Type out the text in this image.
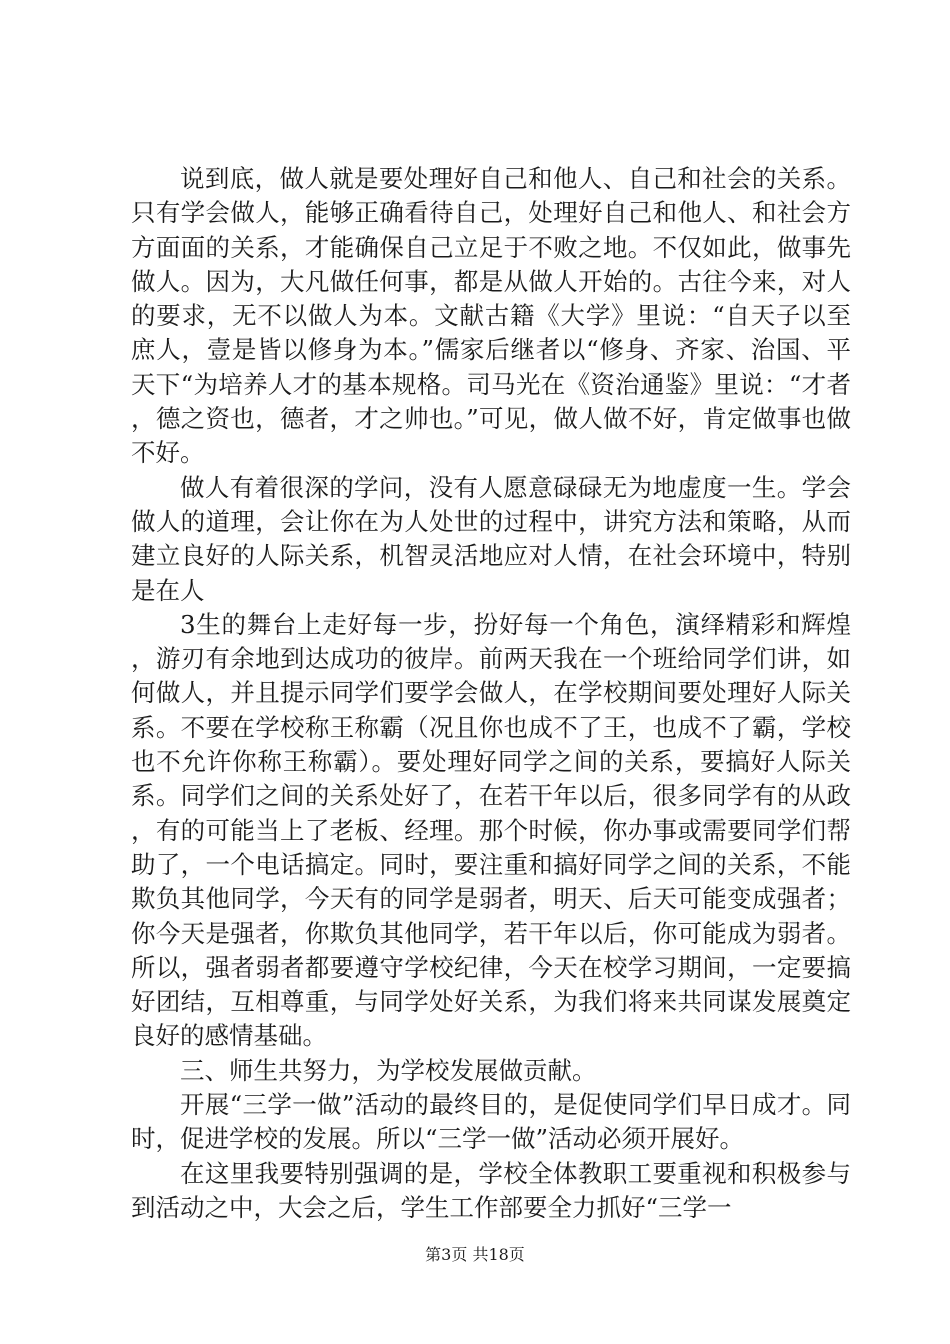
说到底，做人就是要处理好自己和他人、自己和社会的关系。只有学会做人，能够正确看待自己，处理好自己和他人、和社会方方面面的关系，才能确保自己立足于不败之地。不仅如此，做事先做人。因为，大凡做任何事，都是从做人开始的。古往今来，对人的要求，无不以做人为本。文献古籍《大学》里说：“自天子以至庶人，壹是皆以修身为本。”儒家后继者以“修身、齐家、治国、平天下“为培养人才的基本规格。司马光在《资治通鉴》里说：“才者，德之资也，德者，才之帅也。”可见，做人做不好，肯定做事也做不好。

做人有着很深的学问，没有人愿意碌碌无为地虚度一生。学会做人的道理，会让你在为人处世的过程中，讲究方法和策略，从而建立良好的人际关系，机智灵活地应对人情，在社会环境中，特别是在人

3生的舞台上走好每一步，扮好每一个角色，演绎精彩和辉煌，游刃有余地到达成功的彼岸。前两天我在一个班给同学们讲，如何做人，并且提示同学们要学会做人，在学校期间要处理好人际关系。不要在学校称王称霸（况且你也成不了王，也成不了霸，学校也不允许你称王称霸）。要处理好同学之间的关系，要搞好人际关系。同学们之间的关系处好了，在若干年以后，很多同学有的从政，有的可能当上了老板、经理。那个时候，你办事或需要同学们帮助了，一个电话搞定。同时，要注重和搞好同学之间的关系，不能欺负其他同学，今天有的同学是弱者，明天、后天可能变成强者；你今天是强者，你欺负其他同学，若干年以后，你可能成为弱者。所以，强者弱者都要遵守学校纪律，今天在校学习期间，一定要搞好团结，互相尊重，与同学处好关系，为我们将来共同谋发展奠定良好的感情基础。

三、师生共努力，为学校发展做贡献。

开展“三学一做”活动的最终目的，是促使同学们早日成才。同时，促进学校的发展。所以“三学一做”活动必须开展好。

在这里我要特别强调的是，学校全体教职工要重视和积极参与到活动之中，大会之后，学生工作部要全力抓好“三学一

第3页 共18页
